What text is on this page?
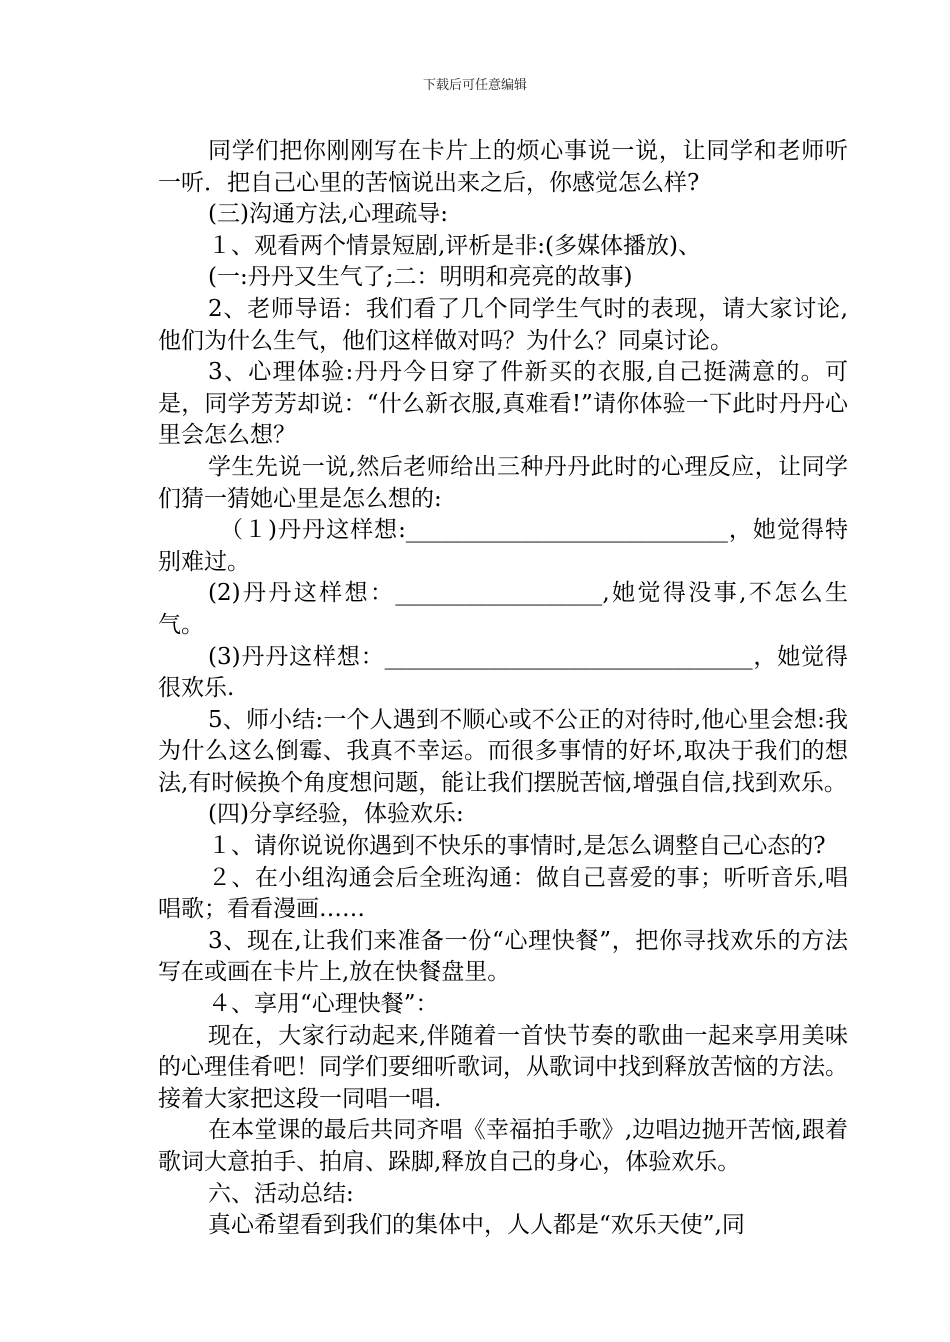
下载后可任意编辑

同学们把你刚刚写在卡片上的烦心事说一说，让同学和老师听一听．把自己心里的苦恼说出来之后，你感觉怎么样?

(三)沟通方法,心理疏导:

１、观看两个情景短剧,评析是非:(多媒体播放)、

(一:丹丹又生气了;二：明明和亮亮的故事)

2、老师导语：我们看了几个同学生气时的表现，请大家讨论,他们为什么生气，他们这样做对吗？为什么？同桌讨论。

3、心理体验:丹丹今日穿了件新买的衣服,自己挺满意的。可是，同学芳芳却说：“什么新衣服,真难看!”请你体验一下此时丹丹心里会怎么想？

学生先说一说,然后老师给出三种丹丹此时的心理反应，让同学们猜一猜她心里是怎么想的:

（１)丹丹这样想:____________________________，她觉得特别难过。

(2)丹丹这样想：__________________,她觉得没事,不怎么生气。

(3)丹丹这样想：________________________________，她觉得很欢乐.

5、师小结:一个人遇到不顺心或不公正的对待时,他心里会想:我为什么这么倒霉、我真不幸运。而很多事情的好坏,取决于我们的想法,有时候换个角度想问题，能让我们摆脱苦恼,增强自信,找到欢乐。

(四)分享经验，体验欢乐:

１、请你说说你遇到不快乐的事情时,是怎么调整自己心态的?

２、在小组沟通会后全班沟通：做自己喜爱的事；听听音乐,唱唱歌；看看漫画……

3、现在,让我们来准备一份“心理快餐”，把你寻找欢乐的方法写在或画在卡片上,放在快餐盘里。

４、享用“心理快餐”：

现在，大家行动起来,伴随着一首快节奏的歌曲一起来享用美味的心理佳肴吧！同学们要细听歌词，从歌词中找到释放苦恼的方法。接着大家把这段一同唱一唱.

在本堂课的最后共同齐唱《幸福拍手歌》,边唱边抛开苦恼,跟着歌词大意拍手、拍肩、跺脚,释放自己的身心，体验欢乐。

六、活动总结:

真心希望看到我们的集体中，人人都是“欢乐天使”,同
